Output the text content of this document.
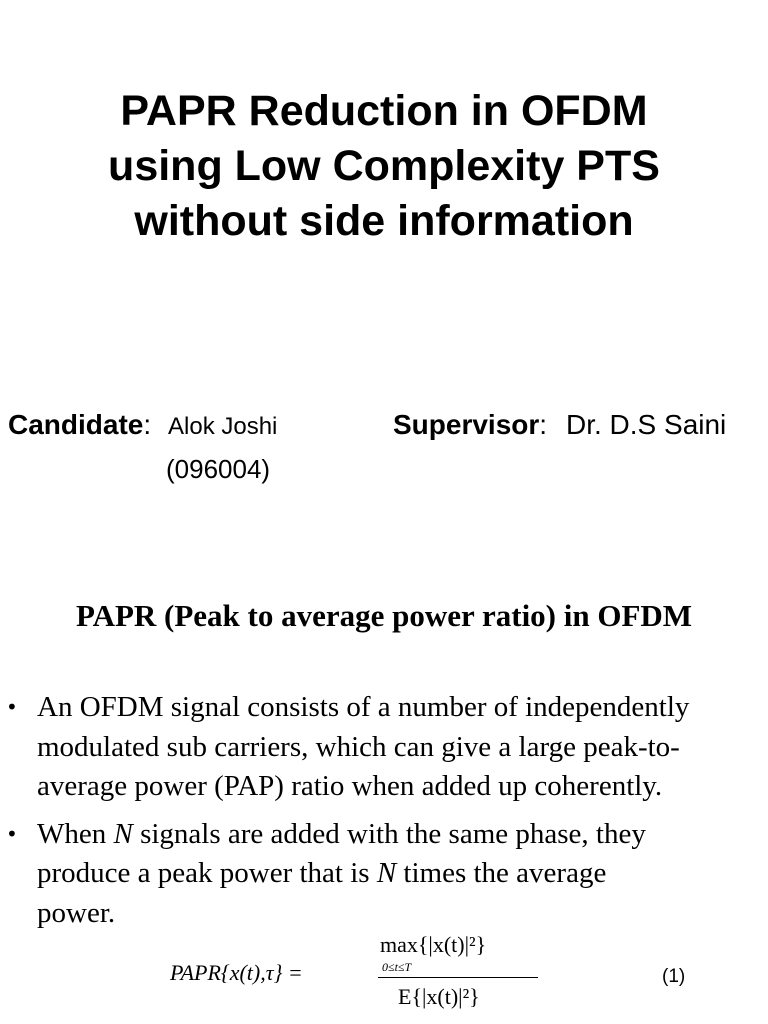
PAPR Reduction in OFDM
using Low Complexity PTS
without side information
Candidate: Alok Joshi
(096004)
Supervisor: Dr. D.S Saini
PAPR (Peak to average power ratio) in OFDM
• An OFDM signal consists of a number of independently
modulated sub carriers, which can give a large peak-to-
average power (PAP) ratio when added up coherently.
• When N signals are added with the same phase, they
produce a peak power that is N times the average
power.
PAPR{x(t),τ} =
max{|x(t)|²}
0≤t≤T
E{|x(t)|²}
(1)
